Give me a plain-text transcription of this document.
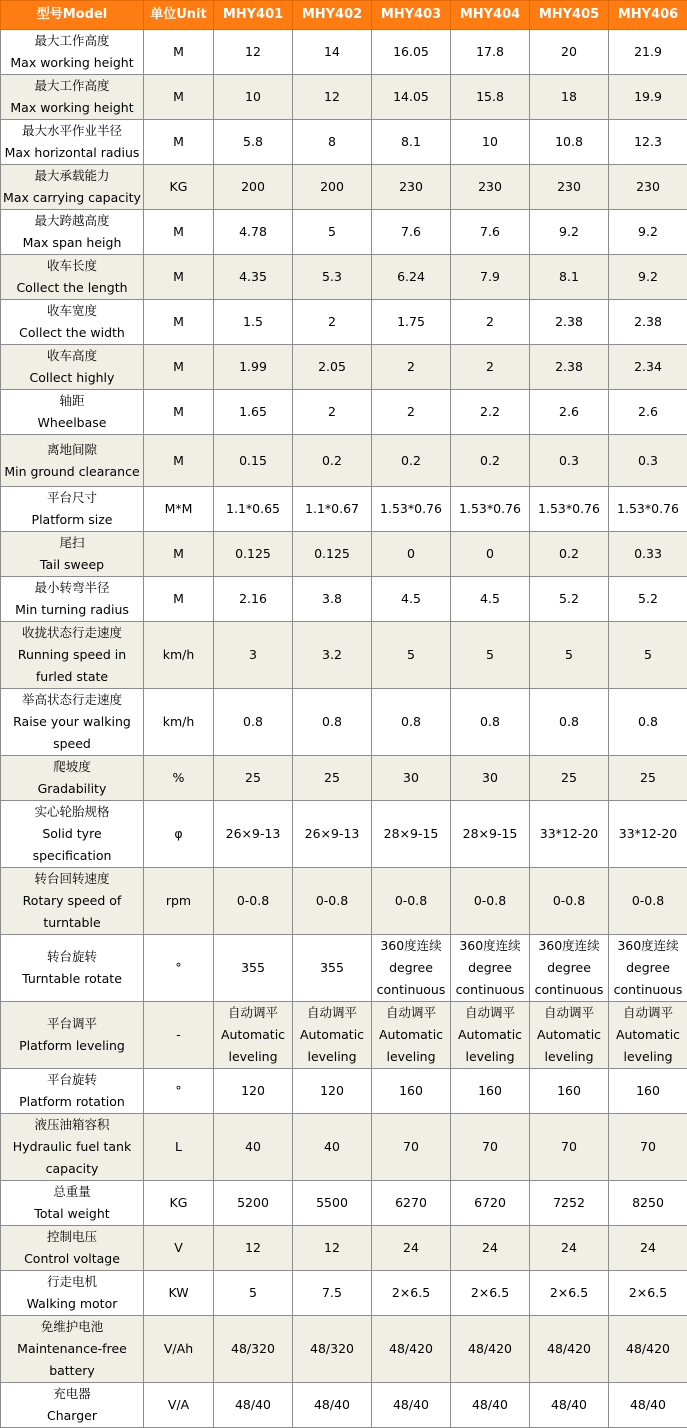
型号Model	单位Unit	MHY401	MHY402	MHY403	MHY404	MHY405	MHY406

最大工作高度
Max working height	M	12	14	16.05	17.8	20	21.9

最大工作高度
Max working height	M	10	12	14.05	15.8	18	19.9

最大水平作业半径
Max horizontal radius	M	5.8	8	8.1	10	10.8	12.3

最大承载能力
Max carrying capacity	KG	200	200	230	230	230	230

最大跨越高度
Max span heigh	M	4.78	5	7.6	7.6	9.2	9.2

收车长度
Collect the length	M	4.35	5.3	6.24	7.9	8.1	9.2

收车宽度
Collect the width	M	1.5	2	1.75	2	2.38	2.38

收车高度
Collect highly	M	1.99	2.05	2	2	2.38	2.34

轴距
Wheelbase	M	1.65	2	2	2.2	2.6	2.6

离地间隙
Min ground clearance	M	0.15	0.2	0.2	0.2	0.3	0.3

平台尺寸
Platform size	M*M	1.1*0.65	1.1*0.67	1.53*0.76	1.53*0.76	1.53*0.76	1.53*0.76

尾扫
Tail sweep	M	0.125	0.125	0	0	0.2	0.33

最小转弯半径
Min turning radius	M	2.16	3.8	4.5	4.5	5.2	5.2

收拢状态行走速度
Running speed in furled state	km/h	3	3.2	5	5	5	5

举高状态行走速度
Raise your walking speed	km/h	0.8	0.8	0.8	0.8	0.8	0.8

爬坡度
Gradability	%	25	25	30	30	25	25

实心轮胎规格
Solid tyre specification	φ	26×9-13	26×9-13	28×9-15	28×9-15	33*12-20	33*12-20

转台回转速度
Rotary speed of turntable	rpm	0-0.8	0-0.8	0-0.8	0-0.8	0-0.8	0-0.8

转台旋转
Turntable rotate	°	355	355	360度连续 degree continuous	360度连续 degree continuous	360度连续 degree continuous	360度连续 degree continuous

平台调平
Platform leveling	-	自动调平 Automatic leveling	自动调平 Automatic leveling	自动调平 Automatic leveling	自动调平 Automatic leveling	自动调平 Automatic leveling	自动调平 Automatic leveling

平台旋转
Platform rotation	°	120	120	160	160	160	160

液压油箱容积
Hydraulic fuel tank capacity	L	40	40	70	70	70	70

总重量
Total weight	KG	5200	5500	6270	6720	7252	8250

控制电压
Control voltage	V	12	12	24	24	24	24

行走电机
Walking motor	KW	5	7.5	2×6.5	2×6.5	2×6.5	2×6.5

免维护电池
Maintenance-free battery	V/Ah	48/320	48/320	48/420	48/420	48/420	48/420

充电器
Charger	V/A	48/40	48/40	48/40	48/40	48/40	48/40
